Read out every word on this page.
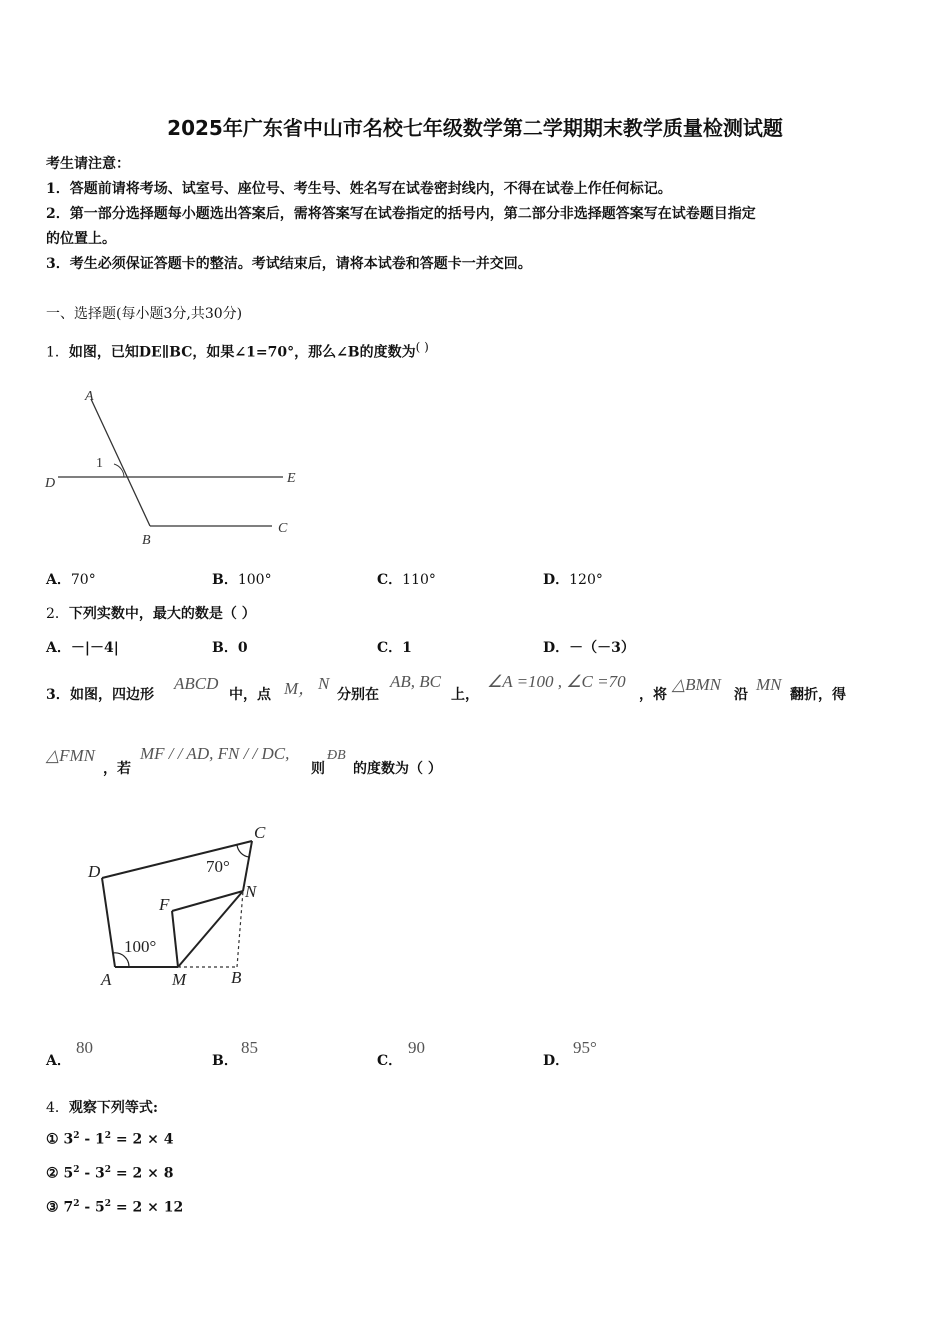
2025年广东省中山市名校七年级数学第二学期期末教学质量检测试题
考生请注意：
1．答题前请将考场、试室号、座位号、考生号、姓名写在试卷密封线内，不得在试卷上作任何标记。
2．第一部分选择题每小题选出答案后，需将答案写在试卷指定的括号内，第二部分非选择题答案写在试卷题目指定
的位置上。
3．考生必须保证答题卡的整洁。考试结束后，请将本试卷和答题卡一并交回。
一、选择题(每小题3分,共30分)
1．如图，已知DE∥BC，如果∠1=70°，那么∠B的度数为( )
A
1
D	E
B
C
A．70°	B．100°	C．110°	D．120°
2．下列实数中，最大的数是（ ）
A．－|－4|	B．0	C．1	D．－（－3）
3． 如图，四边形
ABCD
中，点 M， N
分别在
AB, BC
上，
∠A =100 , ∠C =70
，将
△BMN
沿
MN
翻折，得
△FMN
，若
MF / / AD, FN / / DC,
则
ÐB
的度数为（ ）
D
C
F
N
A	M	B
100°
70°
A．
80
B．
85
C．
90
D．
95°
4．观察下列等式:
① $3^2 - 1^2 = 2 \times 4$
② $5^2 - 3^2 = 2 \times 8$
③ $7^2 - 5^2 = 2 \times 12$
